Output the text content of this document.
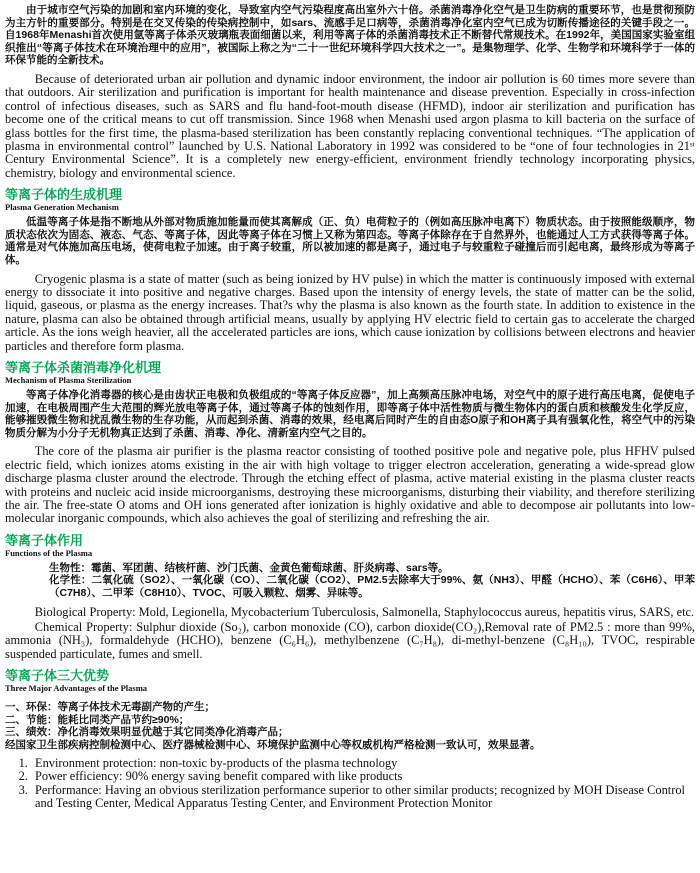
由于城市空气污染的加剧和室内环境的变化，导致室内空气污染程度高出室外六十倍。杀菌消毒净化空气是卫生防病的重要环节，也是贯彻预防为主方针的重要部分。特别是在交叉传染的传染病控制中，如sars、流感手足口病等，杀菌消毒净化室内空气已成为切断传播途径的关键手段之一。自1968年Menashi首次使用氩等离子体杀灭玻璃瓶表面细菌以来，利用等离子体的杀菌消毒技术正不断替代常规技术。在1992年，美国国家实验室组织推出“等离子体技术在环境治理中的应用”，被国际上称之为“二十一世纪环境科学四大技术之一”。是集物理学、化学、生物学和环境科学于一体的环保节能的全新技术。

Because of deteriorated urban air pollution and dynamic indoor environment, the indoor air pollution is 60 times more severe than that outdoors. Air sterilization and purification is important for health maintenance and disease prevention. Especially in cross-infection control of infectious diseases, such as SARS and flu hand-foot-mouth disease (HFMD), indoor air sterilization and purification has become one of the critical means to cut off transmission. Since 1968 when Menashi used argon plasma to kill bacteria on the surface of glass bottles for the first time, the plasma-based sterilization has been constantly replacing conventional techniques. “The application of plasma in environmental control” launched by U.S. National Laboratory in 1992 was considered to be “one of four technologies in 21ˢᵗ Century Environmental Science”. It is a completely new energy-efficient, environment friendly technology incorporating physics, chemistry, biology and environmental science.

等离子体的生成机理

Plasma Generation Mechanism

低温等离子体是指不断地从外部对物质施加能量而使其离解成（正、负）电荷粒子的（例如高压脉冲电离下）物质状态。由于按照能级顺序，物质状态依次为固态、液态、气态、等离子体，因此等离子体在习惯上又称为第四态。等离子体除存在于自然界外，也能通过人工方式获得等离子体。通常是对气体施加高压电场，使荷电粒子加速。由于离子较重，所以被加速的都是离子，通过电子与较重粒子碰撞后而引起电离，最终形成为等离子体。

Cryogenic plasma is a state of matter (such as being ionized by HV pulse) in which the matter is continuously imposed with external energy to dissociate it into positive and negative charges. Based upon the intensity of energy levels, the state of matter can be the solid, liquid, gaseous, or plasma as the energy increases. That?s why the plasma is also known as the fourth state. In addition to existence in the nature, plasma can also be obtained through artificial means, usually by applying HV electric field to certain gas to accelerate the charged article. As the ions weigh heavier, all the accelerated particles are ions, which cause ionization by collisions between electrons and heavier particles and therefore form plasma.

等离子体杀菌消毒净化机理

Mechanism of Plasma Sterilization

等离子体净化消毒器的核心是由齿状正电极和负极组成的“等离子体反应器”，加上高频高压脉冲电场，对空气中的原子进行高压电离，促使电子加速，在电极周围产生大范围的辉光放电等离子体，通过等离子体的蚀刻作用，即等离子体中活性物质与微生物体内的蛋白质和核酸发生化学反应，能够摧毁微生物和扰乱微生物的生存功能，从而起到杀菌、消毒的效果，经电离后同时产生的自由态O原子和OH离子具有强氧化性，将空气中的污染物质分解为小分子无机物真正达到了杀菌、消毒、净化、清新室内空气之目的。

The core of the plasma air purifier is the plasma reactor consisting of toothed positive pole and negative pole, plus HFHV pulsed electric field, which ionizes atoms existing in the air with high voltage to trigger electron acceleration, generating a wide-spread glow discharge plasma cluster around the electrode. Through the etching effect of plasma, active material existing in the plasma cluster reacts with proteins and nucleic acid inside microorganisms, destroying these microorganisms, disturbing their viability, and therefore sterilizing the air. The free-state O atoms and OH ions generated after ionization is highly oxidative and able to decompose air pollutants into low-molecular inorganic compounds, which also achieves the goal of sterilizing and refreshing the air.

等离子体作用

Functions of the Plasma

生物性：霉菌、军团菌、结核杆菌、沙门氏菌、金黄色葡萄球菌、肝炎病毒、sars等。

化学性：二氧化硫（SO2）、一氧化碳（CO）、二氧化碳（CO2）、PM2.5去除率大于99%、氨（NH3）、甲醛（HCHO）、苯（C6H6）、甲苯（C7H8）、二甲苯（C8H10）、TVOC、可吸入颗粒、烟雾、异味等。

Biological Property: Mold, Legionella, Mycobacterium Tuberculosis, Salmonella, Staphylococcus aureus, hepatitis virus, SARS, etc.

Chemical Property: Sulphur dioxide (So₂), carbon monoxide (CO), carbon dioxide(CO₂),Removal rate of PM2.5 : more than 99%, ammonia (NH₃), formaldehyde (HCHO), benzene (C₆H₆), methylbenzene (C₇H₈), di-methyl-benzene (C₈H₁₀), TVOC, respirable suspended particulate, fumes and smell.

等离子体三大优势

Three Major Advantages of the Plasma

一、环保：等离子体技术无毒副产物的产生；

二、节能：能耗比同类产品节约≥90%；

三、绩效：净化消毒效果明显优越于其它同类净化消毒产品；

经国家卫生部疾病控制检测中心、医疗器械检测中心、环境保护监测中心等权威机构严格检测一致认可，效果显著。

1. Environment protection: non-toxic by-products of the plasma technology
2. Power efficiency: 90% energy saving benefit compared with like products
3. Performance: Having an obvious sterilization performance superior to other similar products; recognized by MOH Disease Control and Testing Center, Medical Apparatus Testing Center, and Environment Protection Monitor
